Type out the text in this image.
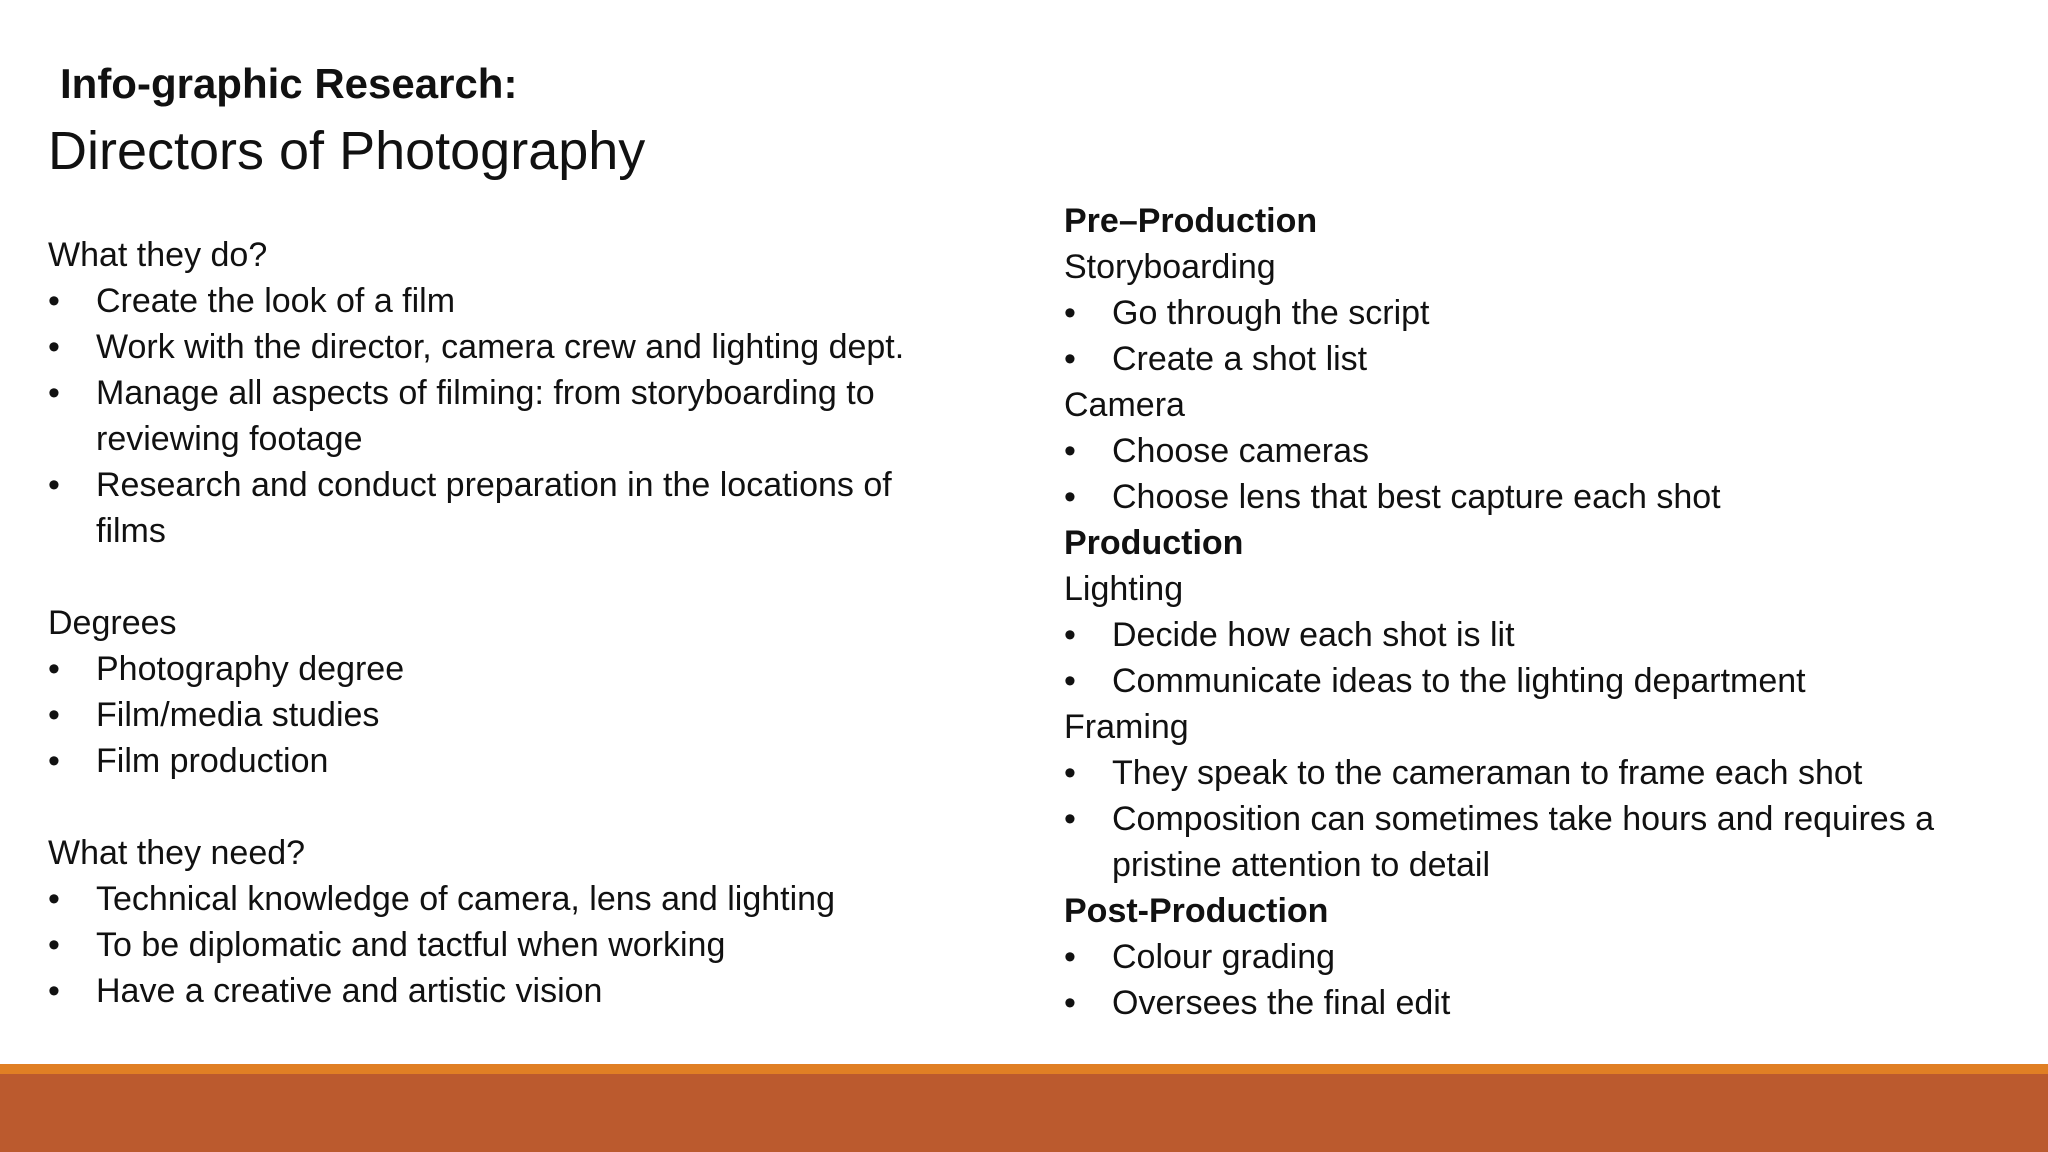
Info-graphic Research:
Directors of Photography
What they do?
•	Create the look of a film
•	Work with the director, camera crew and lighting dept.
•	Manage all aspects of filming: from storyboarding to reviewing footage
•	Research and conduct preparation in the locations of films
Degrees
•	Photography degree
•	Film/media studies
•	Film production
What they need?
•	Technical knowledge of camera, lens and lighting
•	To be diplomatic and tactful when working
•	Have a creative and artistic vision
Pre–Production
Storyboarding
•	Go through the script
•	Create a shot list
Camera
•	Choose cameras
•	Choose lens that best capture each shot
Production
Lighting
•	Decide how each shot is lit
•	Communicate ideas to the lighting department
Framing
•	They speak to the cameraman to frame each shot
•	Composition can sometimes take hours and requires a pristine attention to detail
Post-Production
•	Colour grading
•	Oversees the final edit
